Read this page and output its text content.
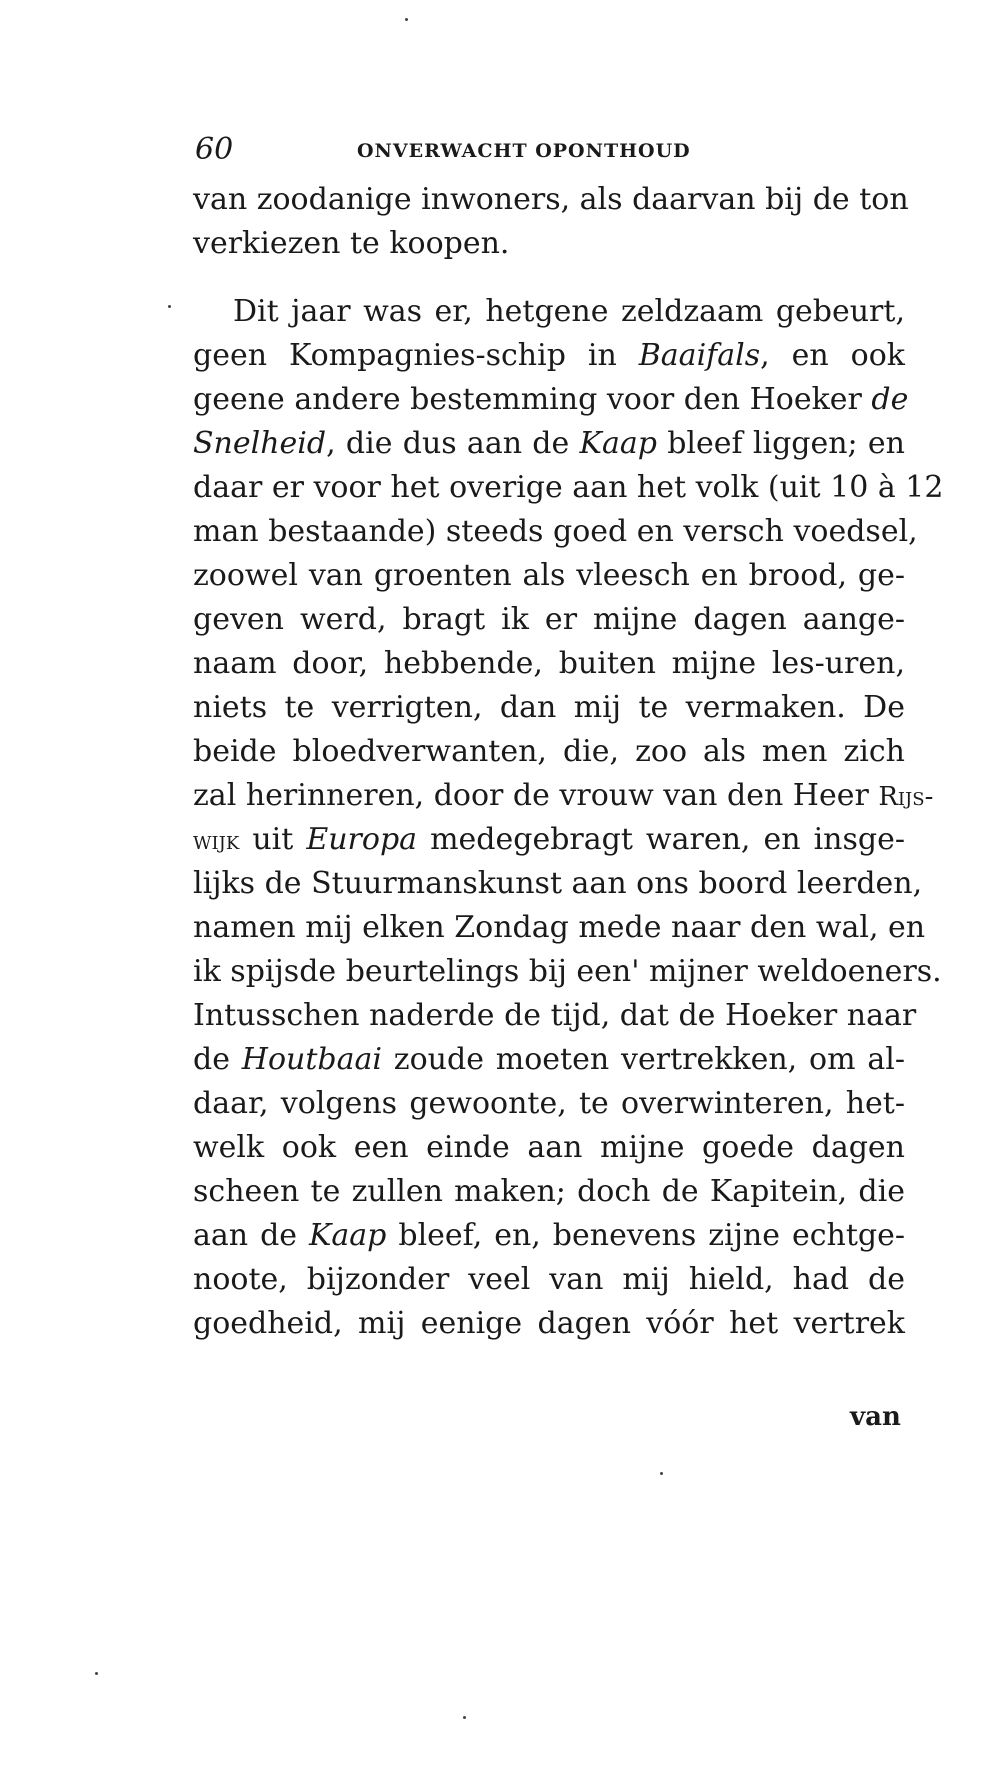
60	ONVERWACHT OPONTHOUD
van zoodanige inwoners, als daarvan bij de ton
verkiezen te koopen.
Dit jaar was er, hetgene zeldzaam gebeurt,
geen Kompagnies-schip in Baaifals, en ook
geene andere bestemming voor den Hoeker de
Snelheid, die dus aan de Kaap bleef liggen; en
daar er voor het overige aan het volk (uit 10 à 12
man bestaande) steeds goed en versch voedsel,
zoowel van groenten als vleesch en brood, ge-
geven werd, bragt ik er mijne dagen aange-
naam door, hebbende, buiten mijne les-uren,
niets te verrigten, dan mij te vermaken. De
beide bloedverwanten, die, zoo als men zich
zal herinneren, door de vrouw van den Heer Rijs-
wijk uit Europa medegebragt waren, en insge-
lijks de Stuurmanskunst aan ons boord leerden,
namen mij elken Zondag mede naar den wal, en
ik spijsde beurtelings bij een' mijner weldoeners.
Intusschen naderde de tijd, dat de Hoeker naar
de Houtbaai zoude moeten vertrekken, om al-
daar, volgens gewoonte, te overwinteren, het-
welk ook een einde aan mijne goede dagen
scheen te zullen maken; doch de Kapitein, die
aan de Kaap bleef, en, benevens zijne echtge-
noote, bijzonder veel van mij hield, had de
goedheid, mij eenige dagen vóór het vertrek
van
